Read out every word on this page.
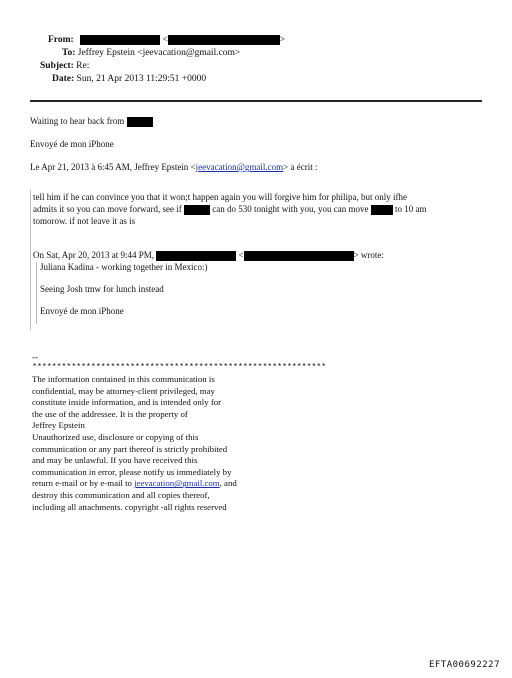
From:	<	>
To: Jeffrey Epstein <jeevacation@gmail.com>
Subject: Re:
Date: Sun, 21 Apr 2013 11:29:51 +0000
Waiting to hear back from
Envoyé de mon iPhone
Le Apr 21, 2013 à 6:45 AM, Jeffrey Epstein <jeevacation@gmail.com> a écrit :
tell him if he can convince you that it won;t happen again you will forgive him for philipa, but only ifhe
admits it so you can move forward, see if	can do 530 tonight with you, you can move	to 10 am
tomorow. if not leave it as is
On Sat, Apr 20, 2013 at 9:44 PM,	<	> wrote:
Juliana Kadina - working together in Mexico:)
Seeing Josh tmw for lunch instead
Envoyé de mon iPhone
--
************************************************************
The information contained in this communication is
confidential, may be attorney-client privileged, may
constitute inside information, and is intended only for
the use of the addressee. It is the property of
Jeffrey Epstein
Unauthorized use, disclosure or copying of this
communication or any part thereof is strictly prohibited
and may be unlawful. If you have received this
communication in error, please notify us immediately by
return e-mail or by e-mail to jeevacation@gmail.com, and
destroy this communication and all copies thereof,
including all attachments. copyright -all rights reserved
EFTA00692227
